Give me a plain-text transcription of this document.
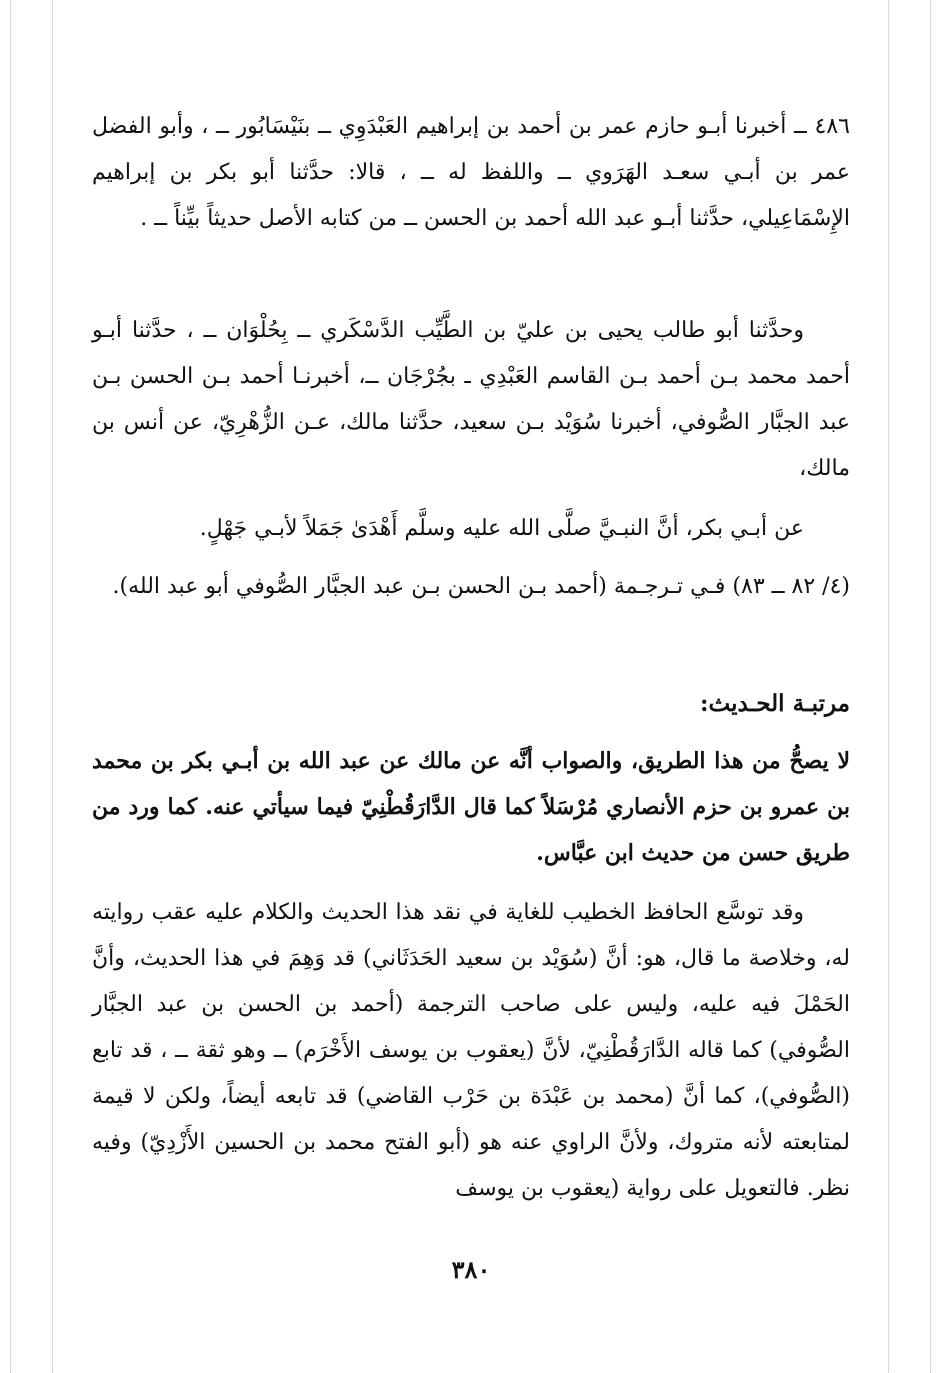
٤٨٦ ــ أخبرنا أبـو حازم عمر بن أحمد بن إبراهيم العَبْدَوِي ــ بنَيْسَابُور ــ ، وأبو الفضل عمر بن أبـي سعـد الهَرَوي ــ واللفظ له ــ ، قالا: حدَّثنا أبو بكر بن إبراهيم الإِسْمَاعِيلي، حدَّثنا أبـو عبد الله أحمد بن الحسن ــ من كتابه الأصل حديثاً بيِّناً ــ .

وحدَّثنا أبو طالب يحيى بن عليّ بن الطَّيِّب الدَّسْكَري ــ بِحُلْوَان ــ ، حدَّثنا أبـو أحمد محمد بـن أحمد بـن القاسم العَبْدِي ـ بجُرْجَان ــ، أخبرنـا أحمد بـن الحسن بـن عبد الجبَّار الصُّوفي، أخبرنا سُوَيْد بـن سعيد، حدَّثنا مالك، عـن الزُّهْرِيّ، عن أنس بن مالك،

عن أبـي بكر، أنَّ النبـيَّ صلَّى الله عليه وسلَّم أَهْدَىٰ جَمَلاً لأبـي جَهْلٍ.

(٤/ ٨٢ ــ ٨٣) فـي تـرجـمة (أحمد بـن الحسن بـن عبد الجبَّار الصُّوفي أبو عبد الله).

مرتبـة الحـديث:

لا يصحُّ من هذا الطريق، والصواب أنَّه عن مالك عن عبد الله بن أبـي بكر بن محمد بن عمرو بن حزم الأنصاري مُرْسَلاً كما قال الدَّارَقُطْنِيّ فيما سيأتي عنه. كما ورد من طريق حسن من حديث ابن عبَّاس.

وقد توسَّع الحافظ الخطيب للغاية في نقد هذا الحديث والكلام عليه عقب روايته له، وخلاصة ما قال، هو: أنَّ (سُوَيْد بن سعيد الحَدَثَاني) قد وَهِمَ في هذا الحديث، وأنَّ الحَمْلَ فيه عليه، وليس على صاحب الترجمة (أحمد بن الحسن بن عبد الجبَّار الصُّوفي) كما قاله الدَّارَقُطْنِيّ، لأنَّ (يعقوب بن يوسف الأَخْرَم) ــ وهو ثقة ــ ، قد تابع (الصُّوفي)، كما أنَّ (محمد بن عَبْدَة بن حَرْب القاضي) قد تابعه أيضاً، ولكن لا قيمة لمتابعته لأنه متروك، ولأنَّ الراوي عنه هو (أبو الفتح محمد بن الحسين الأَزْدِيّ) وفيه نظر. فالتعويل على رواية (يعقوب بن يوسف

٣٨٠
